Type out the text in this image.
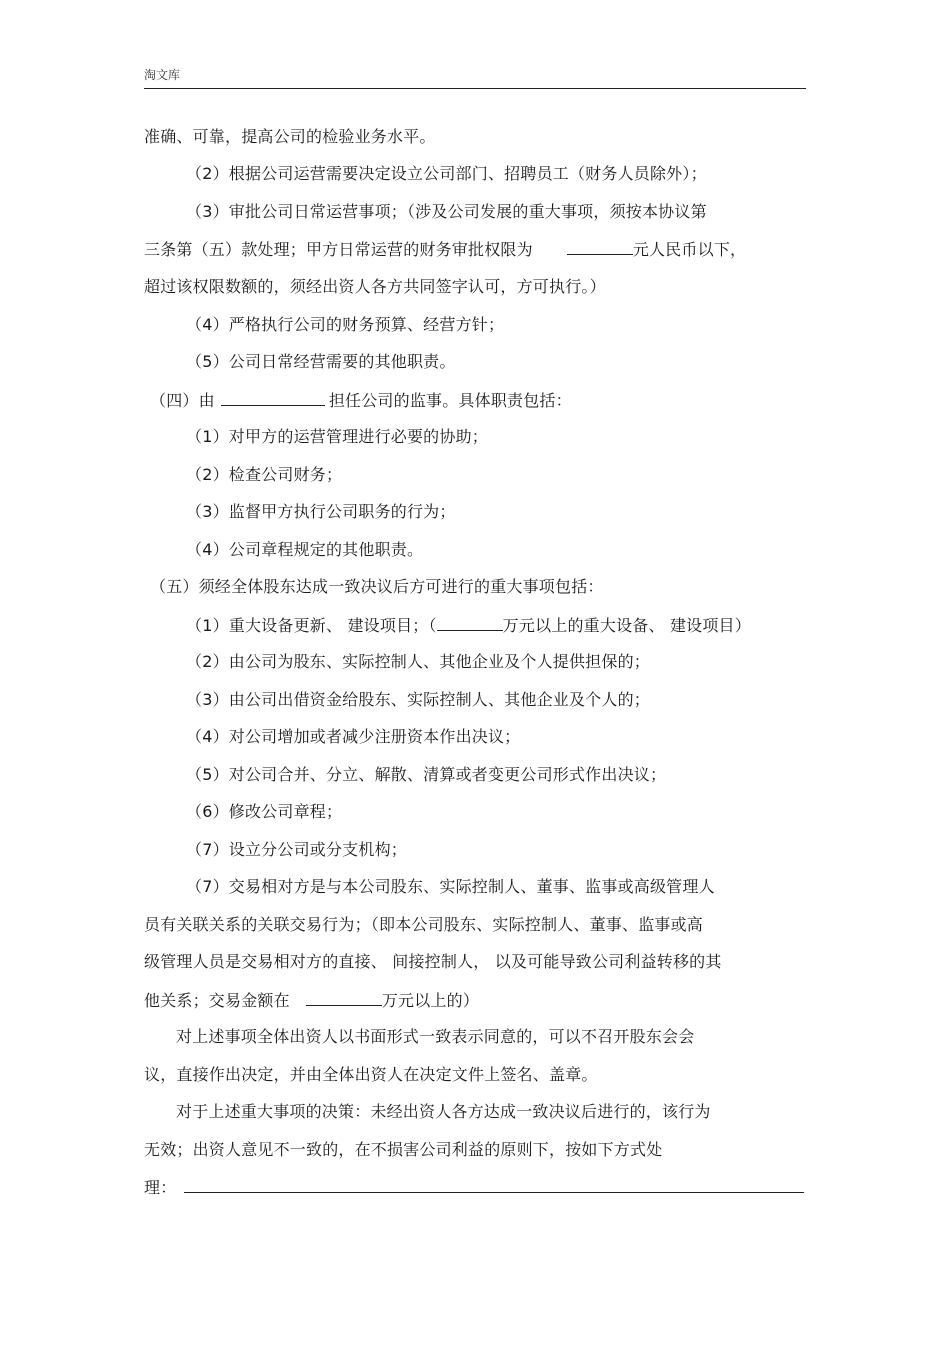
淘文库
准确、可靠，提高公司的检验业务水平。
（2）根据公司运营需要决定设立公司部门、招聘员工（财务人员除外）；
（3）审批公司日常运营事项；（涉及公司发展的重大事项，须按本协议第
三条第（五）款处理；甲方日常运营的财务审批权限为	元人民币以下，
超过该权限数额的，须经出资人各方共同签字认可，方可执行。）
（4）严格执行公司的财务预算、经营方针；
（5）公司日常经营需要的其他职责。
（四）由	担任公司的监事。具体职责包括：
（1）对甲方的运营管理进行必要的协助；
（2）检查公司财务；
（3）监督甲方执行公司职务的行为；
（4）公司章程规定的其他职责。
（五）须经全体股东达成一致决议后方可进行的重大事项包括：
（1）重大设备更新、 建设项目；（	万元以上的重大设备、 建设项目）
（2）由公司为股东、实际控制人、其他企业及个人提供担保的；
（3）由公司出借资金给股东、实际控制人、其他企业及个人的；
（4）对公司增加或者减少注册资本作出决议；
（5）对公司合并、分立、解散、清算或者变更公司形式作出决议；
（6）修改公司章程；
（7）设立分公司或分支机构；
（7）交易相对方是与本公司股东、实际控制人、董事、监事或高级管理人
员有关联关系的关联交易行为；（即本公司股东、实际控制人、董事、监事或高
级管理人员是交易相对方的直接、 间接控制人， 以及可能导致公司利益转移的其
他关系；交易金额在	万元以上的）
对上述事项全体出资人以书面形式一致表示同意的，可以不召开股东会会
议，直接作出决定，并由全体出资人在决定文件上签名、盖章。
对于上述重大事项的决策：未经出资人各方达成一致决议后进行的，该行为
无效；出资人意见不一致的，在不损害公司利益的原则下，按如下方式处
理：
